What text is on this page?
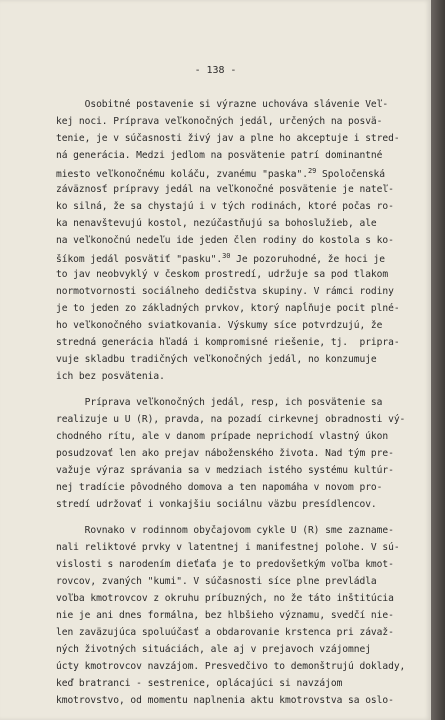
- 138 -
Osobitné postavenie si výrazne uchováva slávenie Veľ-
kej noci. Príprava veľkonočných jedál, určených na posvä-
tenie, je v súčasnosti živý jav a plne ho akceptuje i stred-
ná generácia. Medzi jedlom na posvätenie patrí dominantné
miesto veľkonočnému koláču, zvanému "paska".$^{29}$ Spoločenská
záväznosť prípravy jedál na veľkonočné posvätenie je nateľ-
ko silná, že sa chystajú i v tých rodinách, ktoré počas ro-
ka nenavštevujú kostol, nezúčastňujú sa bohoslužieb, ale
na veľkonočnú nedeľu ide jeden člen rodiny do kostola s ko-
šíkom jedál posvätiť "pasku".$^{30}$ Je pozoruhodné, že hoci je
to jav neobvyklý v českom prostredí, udržuje sa pod tlakom
normotvornosti sociálneho dedičstva skupiny. V rámci rodiny
je to jeden zo základných prvkov, ktorý napĺňuje pocit plné-
ho veľkonočného sviatkovania. Výskumy síce potvrdzujú, že
stredná generácia hľadá i kompromisné riešenie, tj.  pripra-
vuje skladbu tradičných veľkonočných jedál, no konzumuje
ich bez posvätenia.
Príprava veľkonočných jedál, resp, ich posvätenie sa
realizuje u U (R), pravda, na pozadí cirkevnej obradnosti vý-
chodného rítu, ale v danom prípade neprichodí vlastný úkon
posudzovať len ako prejav náboženského života. Nad tým pre-
važuje výraz správania sa v medziach istého systému kultúr-
nej tradície pôvodného domova a ten napomáha v novom pro-
stredí udržovať i vonkajšiu sociálnu väzbu presídlencov.
Rovnako v rodinnom obyčajovom cykle U (R) sme zazname-
nali reliktové prvky v latentnej i manifestnej polohe. V sú-
vislosti s narodením dieťaťa je to predovšetkým voľba kmot-
rovcov, zvaných "kumi". V súčasnosti síce plne prevládla
voľba kmotrovcov z okruhu príbuzných, no že táto inštitúcia
nie je ani dnes formálna, bez hlbšieho významu, svedčí nie-
len zaväzujúca spoluúčasť a obdarovanie krstenca pri závaž-
ných životných situáciách, ale aj v prejavoch vzájomnej
úcty kmotrovcov navzájom. Presvedčivo to demonštrujú doklady,
keď bratranci - sestrenice, oplácajúci si navzájom
kmotrovstvo, od momentu naplnenia aktu kmotrovstva sa oslo-
